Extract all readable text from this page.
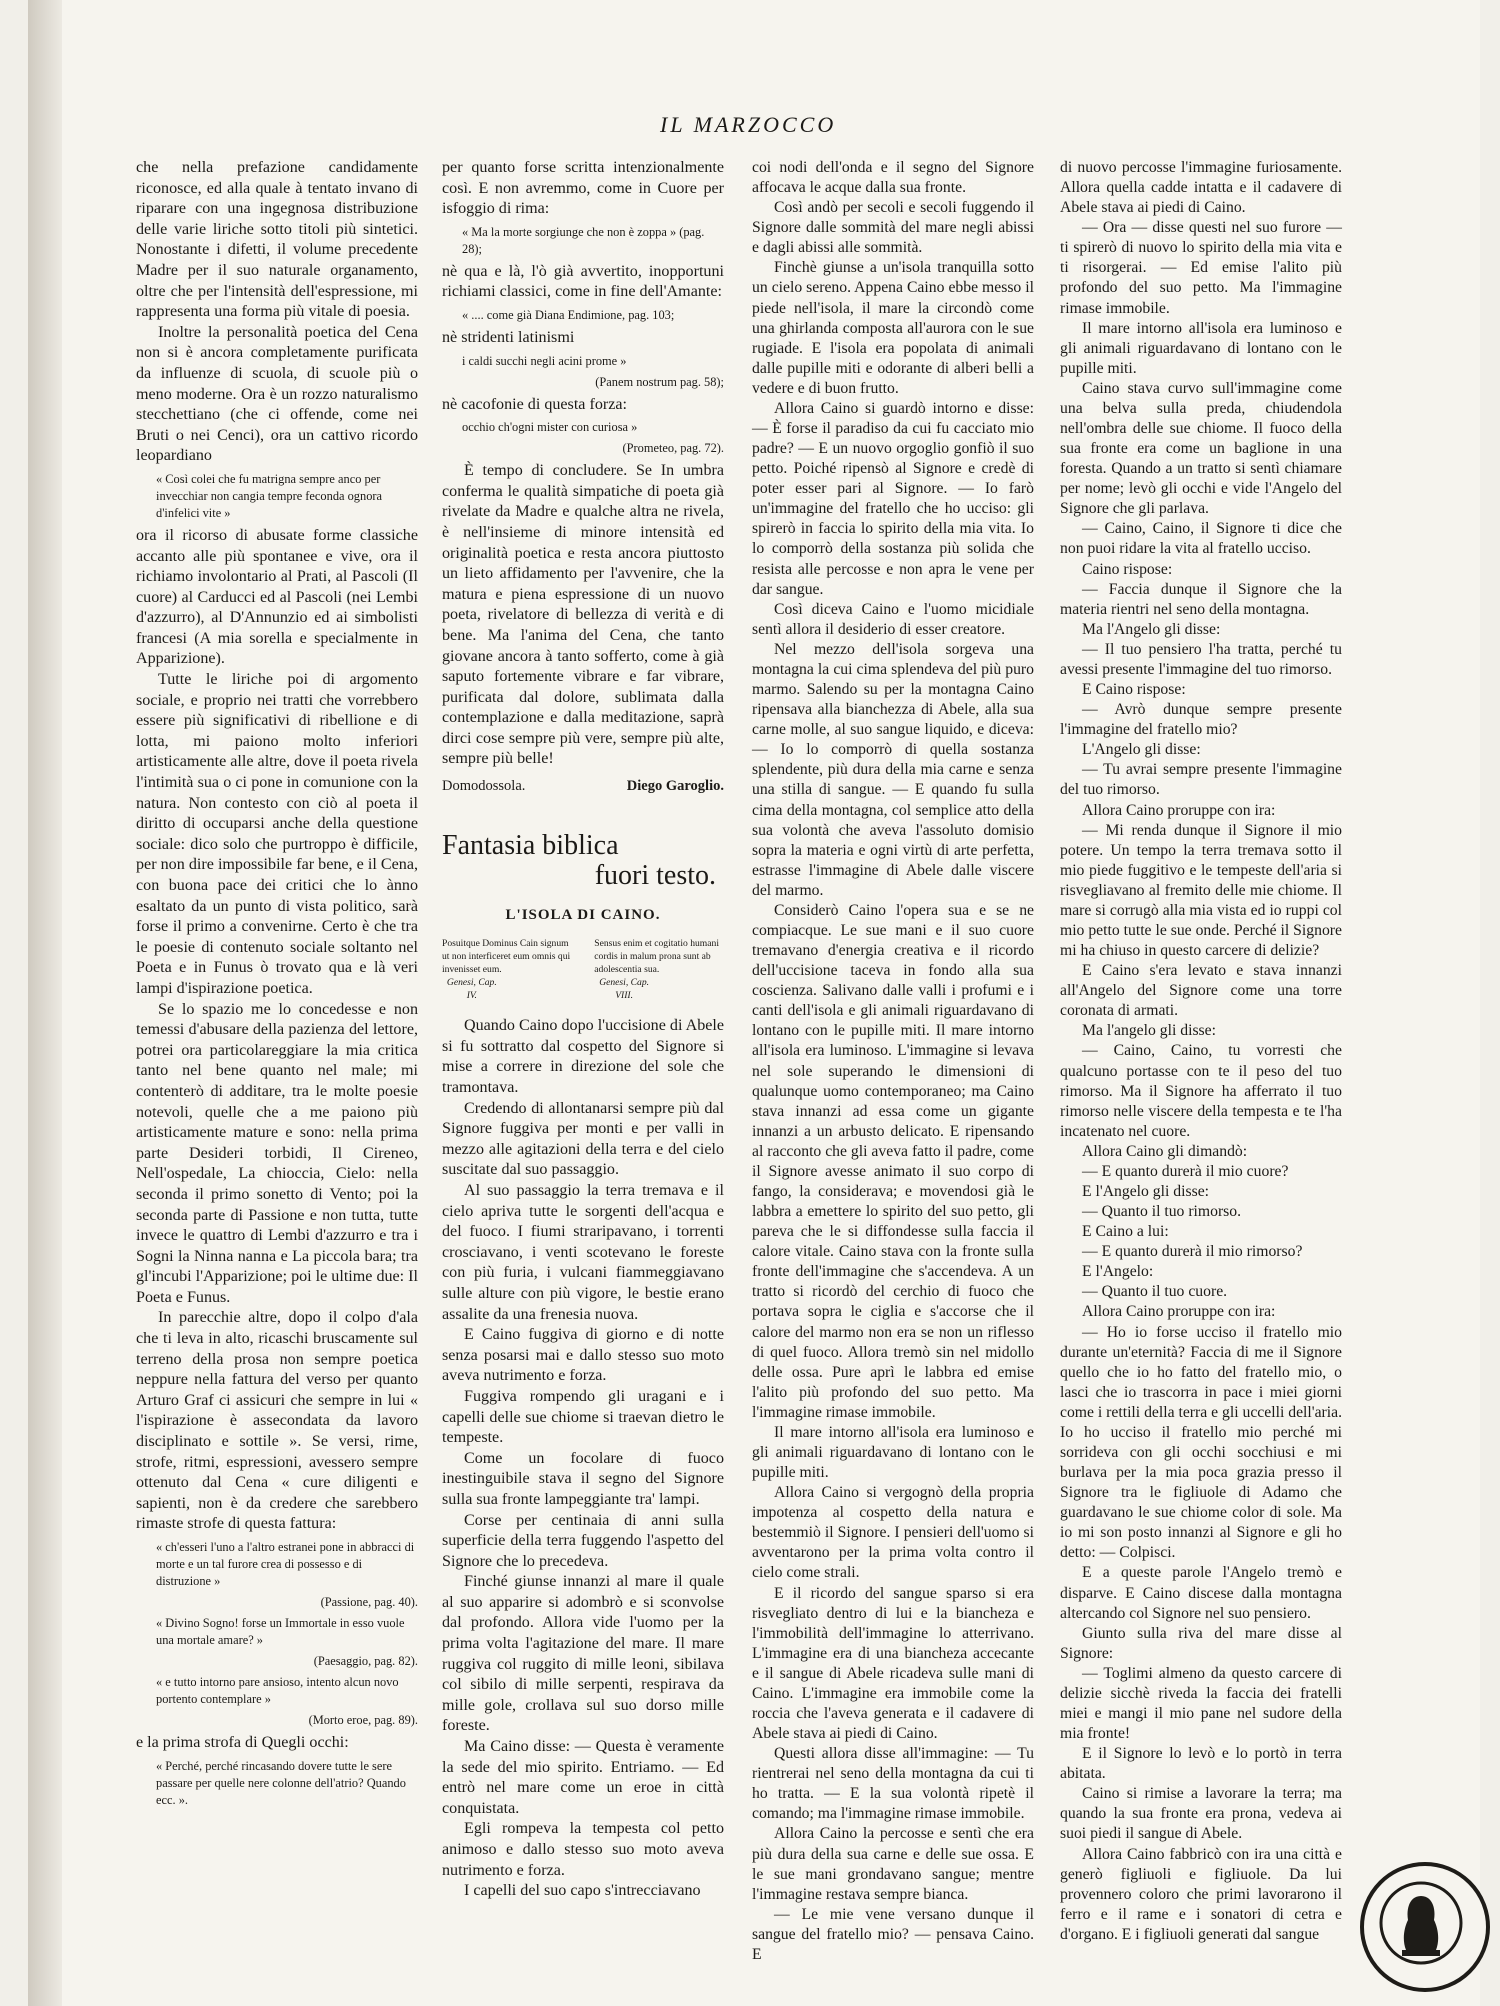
IL MARZOCCO

che nella prefazione candidamente riconosce, ed alla quale à tentato invano di riparare con una ingegnosa distribuzione delle varie liriche sotto titoli più sintetici. Nonostante i difetti, il volume precedente Madre per il suo naturale organamento, oltre che per l'intensità dell'espressione, mi rappresenta una forma più vitale di poesia.

Inoltre la personalità poetica del Cena non si è ancora completamente purificata da influenze di scuola, di scuole più o meno moderne. Ora è un rozzo naturalismo stecchettiano (che ci offende, come nei Bruti o nei Cenci), ora un cattivo ricordo leopardiano

« Così colei che fu matrigna sempre anco per invecchiar non cangia tempre feconda ognora d'infelici vite »

ora il ricorso di abusate forme classiche accanto alle più spontanee e vive, ora il richiamo involontario al Prati, al Pascoli (Il cuore) al Carducci ed al Pascoli (nei Lembi d'azzurro), al D'Annunzio ed ai simbolisti francesi (A mia sorella e specialmente in Apparizione).

Tutte le liriche poi di argomento sociale, e proprio nei tratti che vorrebbero essere più significativi di ribellione e di lotta, mi paiono molto inferiori artisticamente alle altre, dove il poeta rivela l'intimità sua o ci pone in comunione con la natura. Non contesto con ciò al poeta il diritto di occuparsi anche della questione sociale: dico solo che purtroppo è difficile, per non dire impossibile far bene, e il Cena, con buona pace dei critici che lo ànno esaltato da un punto di vista politico, sarà forse il primo a convenirne. Certo è che tra le poesie di contenuto sociale soltanto nel Poeta e in Funus ò trovato qua e là veri lampi d'ispirazione poetica.

Se lo spazio me lo concedesse e non temessi d'abusare della pazienza del lettore, potrei ora particolareggiare la mia critica tanto nel bene quanto nel male; mi contenterò di additare, tra le molte poesie notevoli, quelle che a me paiono più artisticamente mature e sono: nella prima parte Desideri torbidi, Il Cireneo, Nell'ospedale, La chioccia, Cielo: nella seconda il primo sonetto di Vento; poi la seconda parte di Passione e non tutta, tutte invece le quattro di Lembi d'azzurro e tra i Sogni la Ninna nanna e La piccola bara; tra gl'incubi l'Apparizione; poi le ultime due: Il Poeta e Funus.

In parecchie altre, dopo il colpo d'ala che ti leva in alto, ricaschi bruscamente sul terreno della prosa non sempre poetica neppure nella fattura del verso per quanto Arturo Graf ci assicuri che sempre in lui « l'ispirazione è assecondata da lavoro disciplinato e sottile ». Se versi, rime, strofe, ritmi, espressioni, avessero sempre ottenuto dal Cena « cure diligenti e sapienti, non è da credere che sarebbero rimaste strofe di questa fattura:

« ch'esseri l'uno a l'altro estranei pone in abbracci di morte e un tal furore crea di possesso e di distruzione »
(Passione, pag. 40).
« Divino Sogno! forse un Immortale in esso vuole una mortale amare? »
(Paesaggio, pag. 82).
« e tutto intorno pare ansioso, intento alcun novo portento contemplare »
(Morto eroe, pag. 89).

e la prima strofa di Quegli occhi:

« Perché, perché rincasando dovere tutte le sere passare per quelle nere colonne dell'atrio? Quando ecc. ».

per quanto forse scritta intenzionalmente così. E non avremmo, come in Cuore per isfoggio di rima:

« Ma la morte sorgiunge che non è zoppa » (pag. 28);

nè qua e là, l'ò già avvertito, inopportuni richiami classici, come in fine dell'Amante:

« .... come già Diana Endimione, pag. 103;

nè stridenti latinismi

i caldi succhi negli acini prome »
(Panem nostrum pag. 58);

nè cacofonie di questa forza:

occhio ch'ogni mister con curiosa »
(Prometeo, pag. 72).

È tempo di concludere. Se In umbra conferma le qualità simpatiche di poeta già rivelate da Madre e qualche altra ne rivela, è nell'insieme di minore intensità ed originalità poetica e resta ancora piuttosto un lieto affidamento per l'avvenire, che la matura e piena espressione di un nuovo poeta, rivelatore di bellezza di verità e di bene. Ma l'anima del Cena, che tanto giovane ancora à tanto sofferto, come à già saputo fortemente vibrare e far vibrare, purificata dal dolore, sublimata dalla contemplazione e dalla meditazione, saprà dirci cose sempre più vere, sempre più alte, sempre più belle!

Domodossola.	Diego Garoglio.
Fantasia biblica
fuori testo.
L'ISOLA DI CAINO.
Posuitque Dominus Cain signum ut non interficeret eum omnis qui invenisset eum.
Genesi, Cap. IV.
Sensus enim et cogitatio humani cordis in malum prona sunt ab adolescentia sua.
Genesi, Cap. VIII.

Quando Caino dopo l'uccisione di Abele si fu sottratto dal cospetto del Signore si mise a correre in direzione del sole che tramontava.

Credendo di allontanarsi sempre più dal Signore fuggiva per monti e per valli in mezzo alle agitazioni della terra e del cielo suscitate dal suo passaggio.

Al suo passaggio la terra tremava e il cielo apriva tutte le sorgenti dell'acqua e del fuoco. I fiumi straripavano, i torrenti crosciavano, i venti scotevano le foreste con più furia, i vulcani fiammeggiavano sulle alture con più vigore, le bestie erano assalite da una frenesia nuova.

E Caino fuggiva di giorno e di notte senza posarsi mai e dallo stesso suo moto aveva nutrimento e forza.

Fuggiva rompendo gli uragani e i capelli delle sue chiome si traevan dietro le tempeste.

Come un focolare di fuoco inestinguibile stava il segno del Signore sulla sua fronte lampeggiante tra' lampi.

Corse per centinaia di anni sulla superficie della terra fuggendo l'aspetto del Signore che lo precedeva.

Finché giunse innanzi al mare il quale al suo apparire si adombrò e si sconvolse dal profondo. Allora vide l'uomo per la prima volta l'agitazione del mare. Il mare ruggiva col ruggito di mille leoni, sibilava col sibilo di mille serpenti, respirava da mille gole, crollava sul suo dorso mille foreste.

Ma Caino disse: — Questa è veramente la sede del mio spirito. Entriamo. — Ed entrò nel mare come un eroe in città conquistata.

Egli rompeva la tempesta col petto animoso e dallo stesso suo moto aveva nutrimento e forza.

I capelli del suo capo s'intrecciavano

coi nodi dell'onda e il segno del Signore affocava le acque dalla sua fronte.

Così andò per secoli e secoli fuggendo il Signore dalle sommità del mare negli abissi e dagli abissi alle sommità.

Finchè giunse a un'isola tranquilla sotto un cielo sereno. Appena Caino ebbe messo il piede nell'isola, il mare la circondò come una ghirlanda composta all'aurora con le sue rugiade. E l'isola era popolata di animali dalle pupille miti e odorante di alberi belli a vedere e di buon frutto.

Allora Caino si guardò intorno e disse: — È forse il paradiso da cui fu cacciato mio padre? — E un nuovo orgoglio gonfiò il suo petto. Poiché ripensò al Signore e credè di poter esser pari al Signore. — Io farò un'immagine del fratello che ho ucciso: gli spirerò in faccia lo spirito della mia vita. Io lo comporrò della sostanza più solida che resista alle percosse e non apra le vene per dar sangue.

Così diceva Caino e l'uomo micidiale sentì allora il desiderio di esser creatore.

Nel mezzo dell'isola sorgeva una montagna la cui cima splendeva del più puro marmo. Salendo su per la montagna Caino ripensava alla bianchezza di Abele, alla sua carne molle, al suo sangue liquido, e diceva: — Io lo comporrò di quella sostanza splendente, più dura della mia carne e senza una stilla di sangue. — E quando fu sulla cima della montagna, col semplice atto della sua volontà che aveva l'assoluto domisio sopra la materia e ogni virtù di arte perfetta, estrasse l'immagine di Abele dalle viscere del marmo.

Considerò Caino l'opera sua e se ne compiacque. Le sue mani e il suo cuore tremavano d'energia creativa e il ricordo dell'uccisione taceva in fondo alla sua coscienza. Salivano dalle valli i profumi e i canti dell'isola e gli animali riguardavano di lontano con le pupille miti. Il mare intorno all'isola era luminoso. L'immagine si levava nel sole superando le dimensioni di qualunque uomo contemporaneo; ma Caino stava innanzi ad essa come un gigante innanzi a un arbusto delicato. E ripensando al racconto che gli aveva fatto il padre, come il Signore avesse animato il suo corpo di fango, la considerava; e movendosi già le labbra a emettere lo spirito del suo petto, gli pareva che le si diffondesse sulla faccia il calore vitale. Caino stava con la fronte sulla fronte dell'immagine che s'accendeva. A un tratto si ricordò del cerchio di fuoco che portava sopra le ciglia e s'accorse che il calore del marmo non era se non un riflesso di quel fuoco. Allora tremò sin nel midollo delle ossa. Pure aprì le labbra ed emise l'alito più profondo del suo petto. Ma l'immagine rimase immobile.

Il mare intorno all'isola era luminoso e gli animali riguardavano di lontano con le pupille miti.

Allora Caino si vergognò della propria impotenza al cospetto della natura e bestemmiò il Signore. I pensieri dell'uomo si avventarono per la prima volta contro il cielo come strali.

E il ricordo del sangue sparso si era risvegliato dentro di lui e la biancheza e l'immobilità dell'immagine lo atterrivano. L'immagine era di una biancheza accecante e il sangue di Abele ricadeva sulle mani di Caino. L'immagine era immobile come la roccia che l'aveva generata e il cadavere di Abele stava ai piedi di Caino.

Questi allora disse all'immagine: — Tu rientrerai nel seno della montagna da cui ti ho tratta. — E la sua volontà ripetè il comando; ma l'immagine rimase immobile.

Allora Caino la percosse e sentì che era più dura della sua carne e delle sue ossa. E le sue mani grondavano sangue; mentre l'immagine restava sempre bianca.

— Le mie vene versano dunque il sangue del fratello mio? — pensava Caino. E

di nuovo percosse l'immagine furiosamente. Allora quella cadde intatta e il cadavere di Abele stava ai piedi di Caino.

— Ora — disse questi nel suo furore — ti spirerò di nuovo lo spirito della mia vita e ti risorgerai. — Ed emise l'alito più profondo del suo petto. Ma l'immagine rimase immobile.

Il mare intorno all'isola era luminoso e gli animali riguardavano di lontano con le pupille miti.

Caino stava curvo sull'immagine come una belva sulla preda, chiudendola nell'ombra delle sue chiome. Il fuoco della sua fronte era come un baglione in una foresta. Quando a un tratto si sentì chiamare per nome; levò gli occhi e vide l'Angelo del Signore che gli parlava.

— Caino, Caino, il Signore ti dice che non puoi ridare la vita al fratello ucciso.

Caino rispose:

— Faccia dunque il Signore che la materia rientri nel seno della montagna.

Ma l'Angelo gli disse:

— Il tuo pensiero l'ha tratta, perché tu avessi presente l'immagine del tuo rimorso.

E Caino rispose:

— Avrò dunque sempre presente l'immagine del fratello mio?

L'Angelo gli disse:

— Tu avrai sempre presente l'immagine del tuo rimorso.

Allora Caino proruppe con ira:

— Mi renda dunque il Signore il mio potere. Un tempo la terra tremava sotto il mio piede fuggitivo e le tempeste dell'aria si risvegliavano al fremito delle mie chiome. Il mare si corrugò alla mia vista ed io ruppi col mio petto tutte le sue onde. Perché il Signore mi ha chiuso in questo carcere di delizie?

E Caino s'era levato e stava innanzi all'Angelo del Signore come una torre coronata di armati.

Ma l'angelo gli disse:

— Caino, Caino, tu vorresti che qualcuno portasse con te il peso del tuo rimorso. Ma il Signore ha afferrato il tuo rimorso nelle viscere della tempesta e te l'ha incatenato nel cuore.

Allora Caino gli dimandò:

— E quanto durerà il mio cuore?

E l'Angelo gli disse:

— Quanto il tuo rimorso.

E Caino a lui:

— E quanto durerà il mio rimorso?

E l'Angelo:

— Quanto il tuo cuore.

Allora Caino proruppe con ira:

— Ho io forse ucciso il fratello mio durante un'eternità? Faccia di me il Signore quello che io ho fatto del fratello mio, o lasci che io trascorra in pace i miei giorni come i rettili della terra e gli uccelli dell'aria. Io ho ucciso il fratello mio perché mi sorrideva con gli occhi socchiusi e mi burlava per la mia poca grazia presso il Signore tra le figliuole di Adamo che guardavano le sue chiome color di sole. Ma io mi son posto innanzi al Signore e gli ho detto: — Colpisci.

E a queste parole l'Angelo tremò e disparve. E Caino discese dalla montagna altercando col Signore nel suo pensiero.

Giunto sulla riva del mare disse al Signore:

— Toglimi almeno da questo carcere di delizie sicchè riveda la faccia dei fratelli miei e mangi il mio pane nel sudore della mia fronte!

E il Signore lo levò e lo portò in terra abitata.

Caino si rimise a lavorare la terra; ma quando la sua fronte era prona, vedeva ai suoi piedi il sangue di Abele.

Allora Caino fabbricò con ira una città e generò figliuoli e figliuole. Da lui provennero coloro che primi lavorarono il ferro e il rame e i sonatori di cetra e d'organo. E i figliuoli generati dal sangue
